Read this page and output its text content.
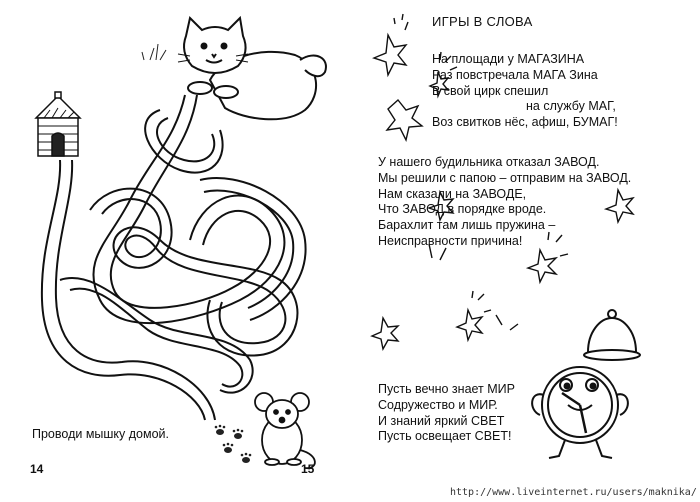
Проводи мышку домой.
14
ИГРЫ В СЛОВА
На площади у МАГАЗИНА
Раз повстречала МАГА Зина
В свой цирк спешил
на службу МАГ,
Воз свитков нёс, афиш, БУМАГ!
У нашего будильника отказал ЗАВОД.
Мы решили с папою – отправим на ЗАВОД.
Нам сказали на ЗАВОДЕ,
Что ЗАВОД в порядке вроде.
Барахлит там лишь пружина –
Неисправности причина!
Пусть вечно знает МИР
Содружество и МИР.
И знаний яркий СВЕТ
Пусть освещает СВЕТ!
15
http://www.liveinternet.ru/users/maknika/
